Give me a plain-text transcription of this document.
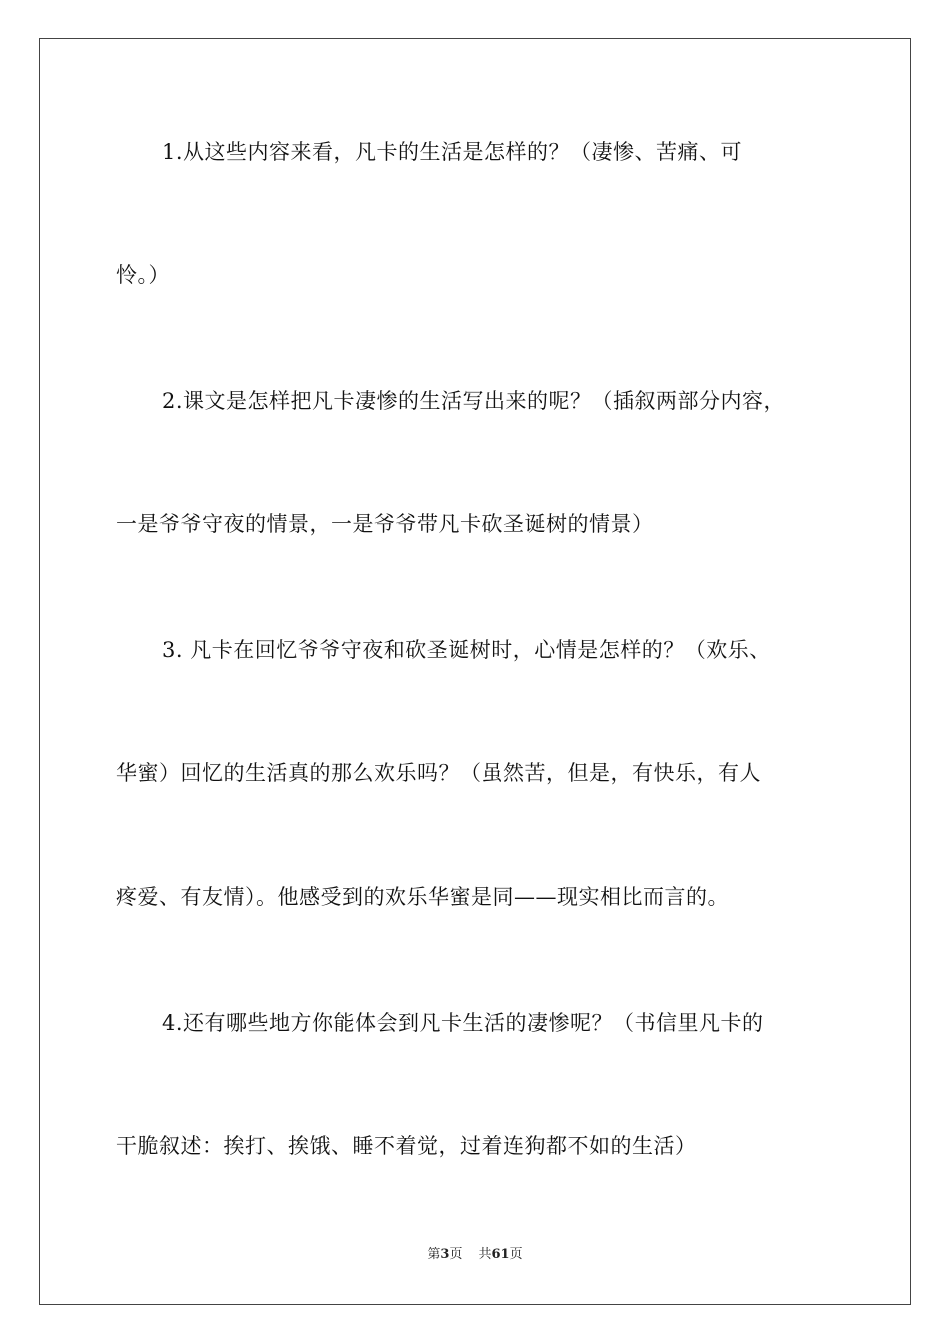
1.从这些内容来看，凡卡的生活是怎样的？（凄惨、苦痛、可
怜。）
2.课文是怎样把凡卡凄惨的生活写出来的呢？（插叙两部分内容，
一是爷爷守夜的情景，一是爷爷带凡卡砍圣诞树的情景）
3. 凡卡在回忆爷爷守夜和砍圣诞树时，心情是怎样的？（欢乐、
华蜜）回忆的生活真的那么欢乐吗？（虽然苦，但是，有快乐，有人
疼爱、有友情）。他感受到的欢乐华蜜是同——现实相比而言的。
4.还有哪些地方你能体会到凡卡生活的凄惨呢？（书信里凡卡的
干脆叙述：挨打、挨饿、睡不着觉，过着连狗都不如的生活）
第3页 共61页
